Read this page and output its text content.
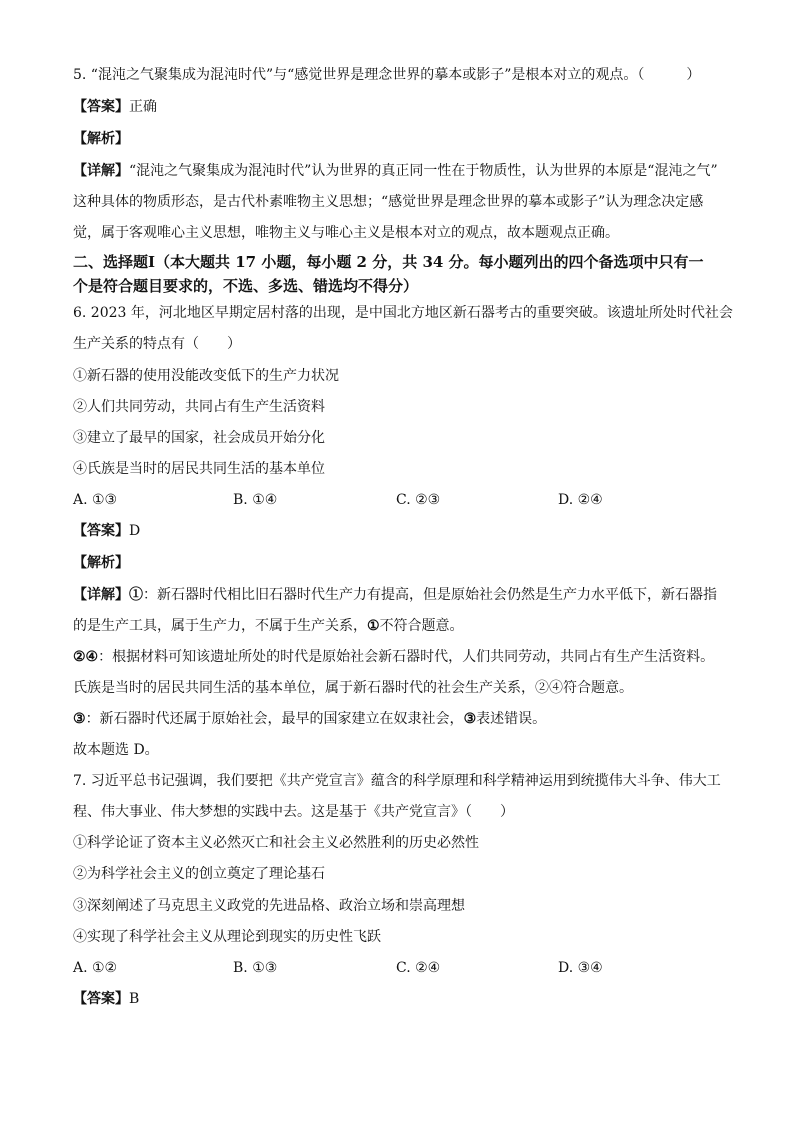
5. “混沌之气聚集成为混沌时代”与“感觉世界是理念世界的摹本或影子”是根本对立的观点。（　　　）
【答案】正确
【解析】
【详解】“混沌之气聚集成为混沌时代”认为世界的真正同一性在于物质性，认为世界的本原是“混沌之气”
这种具体的物质形态，是古代朴素唯物主义思想；“感觉世界是理念世界的摹本或影子”认为理念决定感
觉，属于客观唯心主义思想，唯物主义与唯心主义是根本对立的观点，故本题观点正确。
二、选择题Ⅰ（本大题共 17 小题，每小题 2 分，共 34 分。每小题列出的四个备选项中只有一
个是符合题目要求的，不选、多选、错选均不得分）
6. 2023 年，河北地区早期定居村落的出现，是中国北方地区新石器考古的重要突破。该遗址所处时代社会
生产关系的特点有（　　）
①新石器的使用没能改变低下的生产力状况
②人们共同劳动，共同占有生产生活资料
③建立了最早的国家，社会成员开始分化
④氏族是当时的居民共同生活的基本单位
A. ①③	B. ①④	C. ②③	D. ②④
【答案】D
【解析】
【详解】①：新石器时代相比旧石器时代生产力有提高，但是原始社会仍然是生产力水平低下，新石器指
的是生产工具，属于生产力，不属于生产关系，①不符合题意。
②④：根据材料可知该遗址所处的时代是原始社会新石器时代，人们共同劳动，共同占有生产生活资料。
氏族是当时的居民共同生活的基本单位，属于新石器时代的社会生产关系，②④符合题意。
③：新石器时代还属于原始社会，最早的国家建立在奴隶社会，③表述错误。
故本题选 D。
7. 习近平总书记强调，我们要把《共产党宣言》蕴含的科学原理和科学精神运用到统揽伟大斗争、伟大工
程、伟大事业、伟大梦想的实践中去。这是基于《共产党宣言》（　　）
①科学论证了资本主义必然灭亡和社会主义必然胜利的历史必然性
②为科学社会主义的创立奠定了理论基石
③深刻阐述了马克思主义政党的先进品格、政治立场和崇高理想
④实现了科学社会主义从理论到现实的历史性飞跃
A. ①②	B. ①③	C. ②④	D. ③④
【答案】B
